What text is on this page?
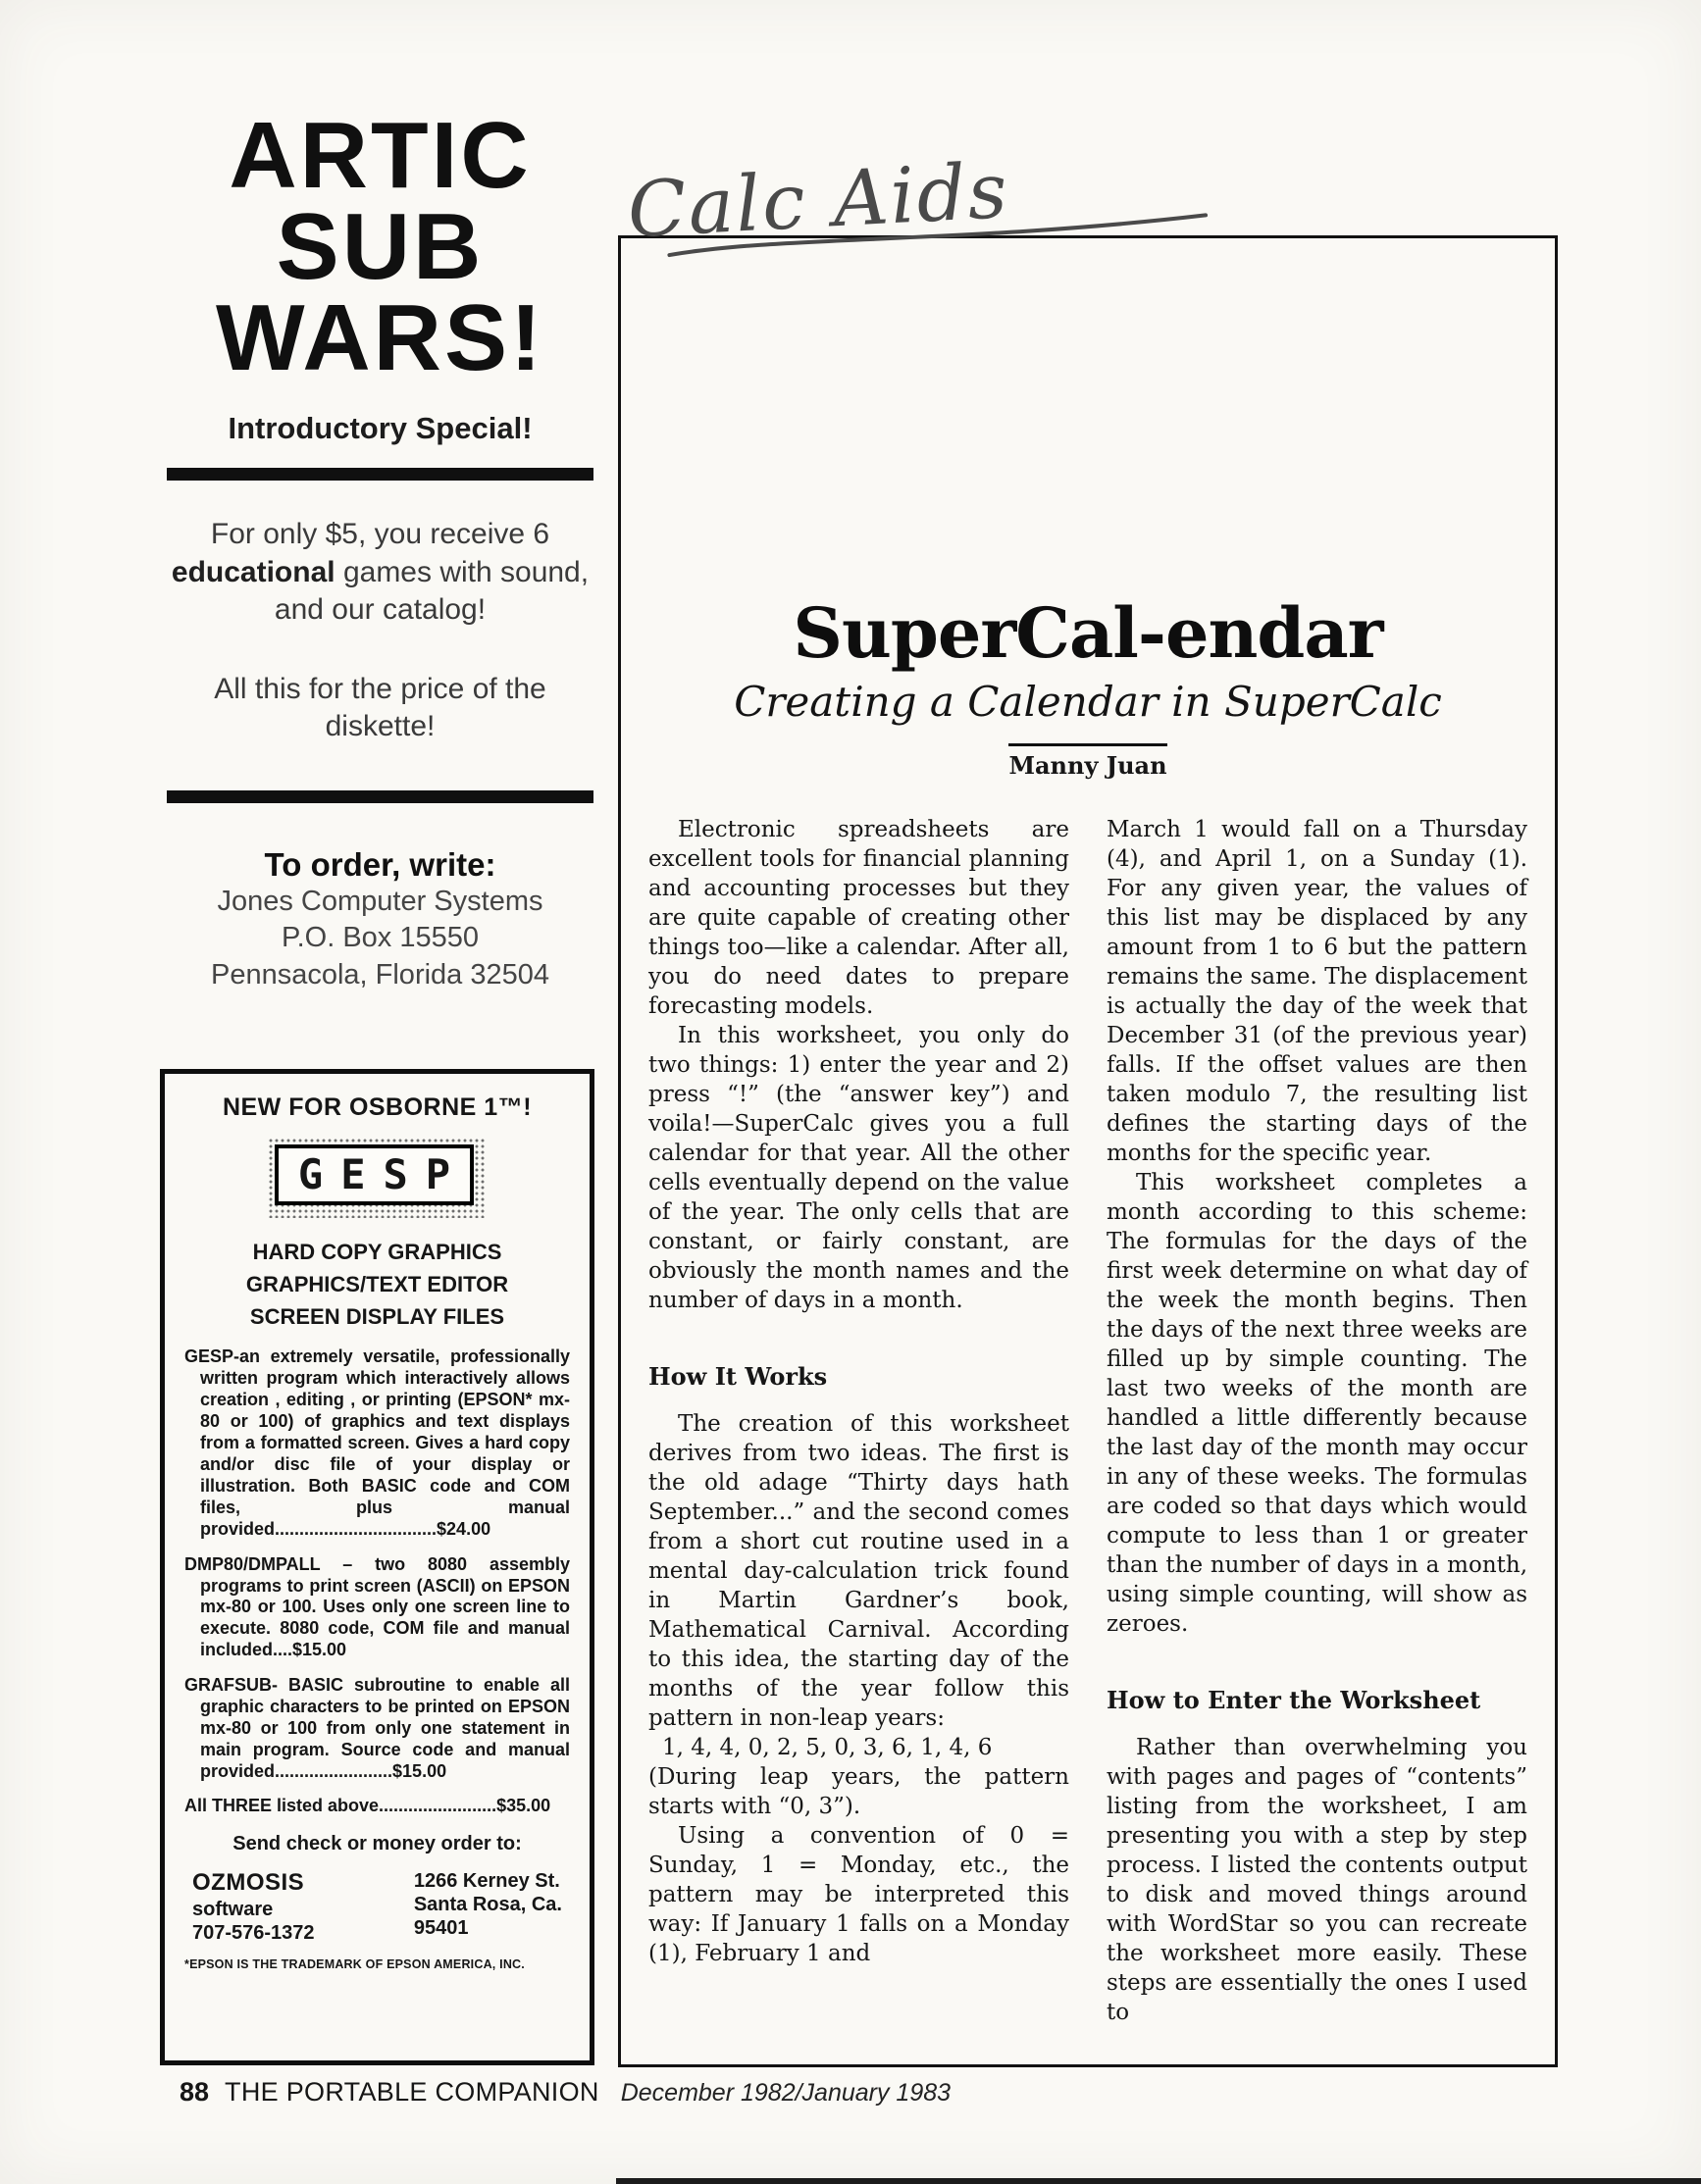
ARTIC
SUB
WARS!
Introductory Special!

For only $5, you receive 6 educational games with sound, and our catalog!

All this for the price of the diskette!

To order, write:
Jones Computer Systems
P.O. Box 15550
Pennsacola, Florida 32504
NEW FOR OSBORNE 1™!
GESP
HARD COPY GRAPHICS
GRAPHICS/TEXT EDITOR
SCREEN DISPLAY FILES

GESP-an extremely versatile, professionally written program which interactively allows creation , editing , or printing (EPSON* mx-80 or 100) of graphics and text displays from a formatted screen. Gives a hard copy and/or disc file of your display or illustration. Both BASIC code and COM files, plus manual provided.................................$24.00

DMP80/DMPALL – two 8080 assembly programs to print screen (ASCII) on EPSON mx-80 or 100. Uses only one screen line to execute. 8080 code, COM file and manual included....$15.00

GRAFSUB- BASIC subroutine to enable all graphic characters to be printed on EPSON mx-80 or 100 from only one statement in main program. Source code and manual provided........................$15.00

All THREE listed above........................$35.00

Send check or money order to:
OZMOSIS
software
707-576-1372
1266 Kerney St.
Santa Rosa, Ca.
95401
*EPSON IS THE TRADEMARK OF EPSON AMERICA, INC.
Calc Aids
SuperCal-endar
Creating a Calendar in SuperCalc
Manny Juan

Electronic spreadsheets are excellent tools for financial planning and accounting processes but they are quite capable of creating other things too—like a calendar. After all, you do need dates to prepare forecasting models.

In this worksheet, you only do two things: 1) enter the year and 2) press “!” (the “answer key”) and voila!—SuperCalc gives you a full calendar for that year. All the other cells eventually depend on the value of the year. The only cells that are constant, or fairly constant, are obviously the month names and the number of days in a month.

How It Works

The creation of this worksheet derives from two ideas. The first is the old adage “Thirty days hath September...” and the second comes from a short cut routine used in a mental day-calculation trick found in Martin Gardner’s book, Mathematical Carnival. According to this idea, the starting day of the months of the year follow this pattern in non-leap years:

1, 4, 4, 0, 2, 5, 0, 3, 6, 1, 4, 6

(During leap years, the pattern starts with “0, 3”).

Using a convention of 0 = Sunday, 1 = Monday, etc., the pattern may be interpreted this way: If January 1 falls on a Monday (1), February 1 and

March 1 would fall on a Thursday (4), and April 1, on a Sunday (1). For any given year, the values of this list may be displaced by any amount from 1 to 6 but the pattern remains the same. The displacement is actually the day of the week that December 31 (of the previous year) falls. If the offset values are then taken modulo 7, the resulting list defines the starting days of the months for the specific year.

This worksheet completes a month according to this scheme: The formulas for the days of the first week determine on what day of the week the month begins. Then the days of the next three weeks are filled up by simple counting. The last two weeks of the month are handled a little differently because the last day of the month may occur in any of these weeks. The formulas are coded so that days which would compute to less than 1 or greater than the number of days in a month, using simple counting, will show as zeroes.

How to Enter the Worksheet

Rather than overwhelming you with pages and pages of “contents” listing from the worksheet, I am presenting you with a step by step process. I listed the contents output to disk and moved things around with WordStar so you can recreate the worksheet more easily. These steps are essentially the ones I used to

88 THE PORTABLE COMPANION December 1982/January 1983
